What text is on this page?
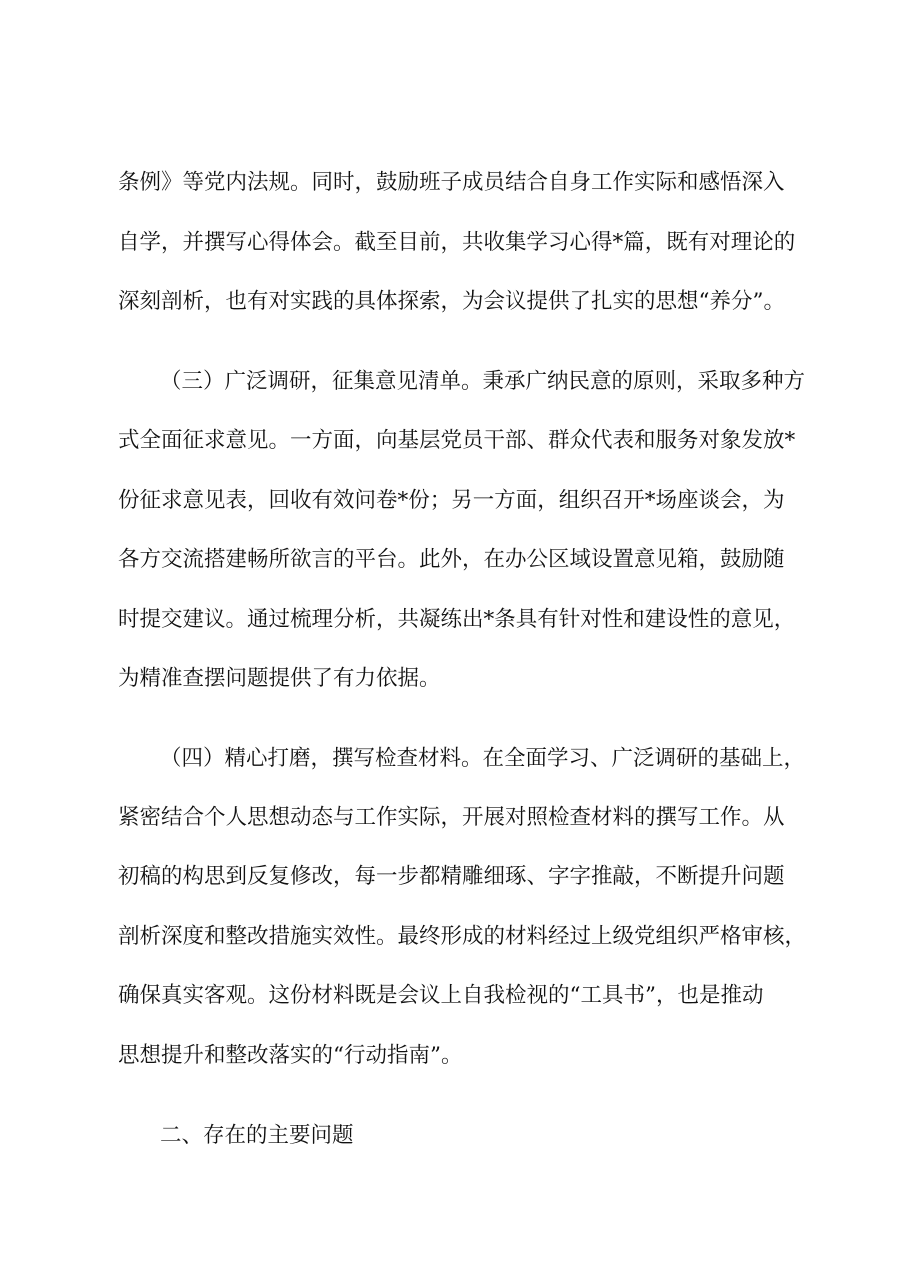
条例》等党内法规。同时，鼓励班子成员结合自身工作实际和感悟深入

自学，并撰写心得体会。截至目前，共收集学习心得*篇，既有对理论的

深刻剖析，也有对实践的具体探索，为会议提供了扎实的思想“养分”。

（三）广泛调研，征集意见清单。秉承广纳民意的原则，采取多种方

式全面征求意见。一方面，向基层党员干部、群众代表和服务对象发放*

份征求意见表，回收有效问卷*份；另一方面，组织召开*场座谈会，为

各方交流搭建畅所欲言的平台。此外，在办公区域设置意见箱，鼓励随

时提交建议。通过梳理分析，共凝练出*条具有针对性和建设性的意见，

为精准查摆问题提供了有力依据。

（四）精心打磨，撰写检查材料。在全面学习、广泛调研的基础上，

紧密结合个人思想动态与工作实际，开展对照检查材料的撰写工作。从

初稿的构思到反复修改，每一步都精雕细琢、字字推敲，不断提升问题

剖析深度和整改措施实效性。最终形成的材料经过上级党组织严格审核，

确保真实客观。这份材料既是会议上自我检视的“工具书”，也是推动

思想提升和整改落实的“行动指南”。

二、存在的主要问题
